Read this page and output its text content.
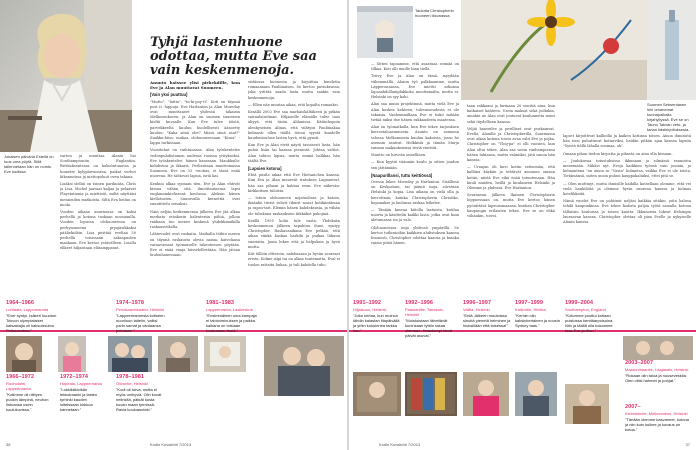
Jokaisen päivänä Estellä on tuos oma pöytä. Siitä tallennetaan hän on nomtu Eve kodissa.
Tyhjä lastenhuone odottaa, mutta Eve saa vain keskenmenoja.

varten ja muuttaa Alanin luo Southamptoniin Englantiin. Brittiaksentessa on kokoöntunutsa ja homette kylypäivuonesa, paikat verhot liikanneissa ja mattopohoit oven takana.

Lisäksi sielliä on toinen parikunta, Chris ja Lisa. Michel jaavaat kaljaa ja pelaavat Playstationia ja miettivät, miltä näyttäisi menneiden matkoista. Siltä Eva heiluu on moda.

Vuoden aikana anurnousa on kaksi perhellä ja kotona tuskaan nousiamlla. Vuoden lopussa olohuoneessa on perhynoneemi pryajäsikkaksi pääliekidäin. Lisa pirittää eveltaa 50 perhellä toisissaan saksapuolen maakaan. Eve kertoo ystävälleen. Lisalla elikeet hiljaistaan elätamppanut.

Anunto haissee ylisi pirhekdille, kun Eve ja Alan muuttavat Suomeen.

[Vain yksi puuttuu]

"Mutto", "lattia", "tu-ki-poy-ti". Koti on täynnä post it -lappuja. Eve Harlanton ja Alan Moreday ovat muuttaneet yhdessä takaisin Melkosenkoven, ja Alan on suomen suurenen kieltä kuvaalle. Kun Eve tulee töistä, parvekkeelta kuuluu huolellisesti äänoetty kuuluu: "Kaka siinä olet? Missä siinä asut?" Sinikka-hiisu mukaa olohuoneessaan "Kissa" -lappu turkissaan.

Vuosituhat on vaihtunassa. Alan työskentelee vedenpuhdistamon uudessa ruoissa yritykseksi. Eve työskentelee, hänen kanssaan. Maukkailu-kohdistuu ja ikkarsi. Perhentaan muuttomassa Suomeen. Eve on 33 -vuotias, ei tässä enää nuorena. He tahtovat lapsia, isriä kai.

Kenkuu alkaa syntaan tien. Eve ja Alan ehtivät kissaa vähän sitä, ilmoittautaessa lapsi englanninkielisessä koulussa. Aleksin hänen kiellotusten. Sauravalla kernettiä ovat suuntittelu seisuksii.

Nain neljän keskenmenoa jälkeen Eve jää alkaa merkata eräskorin kalenteriin pähiä, jolloin rankaan tuo menee keskenä yhdekkinaikilla raskausviikolla.

Lähtevadet ovat raskaita. Matkalla töihin meren on täynnä raskausta olevia naisia, kaivelaasa varaavamsat työmaiselle tukeutessen pöytään. Eve ei enää vaaja hässelelleetään. Hän jätsaa luulenhanessaan.

sistäessa huonessa ja kirjoittaa kuudetta romaaniaan Pauliinaisen. Se kertoo paviukeassa, joka yrittää saada lasta mutta saakin vain keskenmenoja.

— Ellen näe muutaa aikaa, että kopalta romaaksi.

Kesällä 2002 Eve saa marhaiskältäkesti ja pitkän sairaalaiselman. Hiljaiselle elämälle tulee taas ahyyä, että täsön Ahlanissa. Kätiinhopoin alenkyseisen Alinas, että viihtyisi Pauliinakaa kolmasti ollen täällä töissä syystä kuudelle kuudentouluse lasten hyvä, että pynsti.

Kun Eve ja Alan eivät näytä tasoisesti lasta, hän puhui lisän tai kanssa pienestä. Johtaa valtiot. Alan tahtoo lapsia, mutta emmä hallikas hän täältä Eve.

[Lapsien kotona]

Ehtä pusila aikaa että Eve Hietanichen kanssa. Kun Eva ja Alan menevät tratukses Laguanterl, hän saa pihaan ja kahtaa evan. Eve näkevän: kirkkoitsen tuloista.

— Istuin olohuoneen nojatuolissa ja katoin, ikäänkö tiivist rohvit tikurit nouat kotikiintämaa ja rapsu-tari, Elemin hänen kahdeksusia, ja vähän ole tuliskuna raskauksien tiikkäkot pakojinä.

Keällä 1995 kolin tule vasta: Yhdeksän keskenmenon jälkeen tapahtuu ihme, syntyy Christopher. Raskausaikana Eve pelkää, että aikaa viinkä kaskaa harkilä ja puikaa liikuuu suoriaita. Jauin lukee että ja helpoksia ja hyvä mutta.

Kiit tällöin eltteroin, nahdissaan ja hyvän seuraavi eristu. Kolme siipi tai on alkaa tuntematta, Eval ei tuolon rattaitu hukaa, ja tuli kahdella tuho.

1964–1966
Luhtaala, Lapponrannta
"Ever syntyi. Isäkeri kuuoton Tokvon olympialaiset katsastajia oli kaksoissuinu Peltorannkoa."
1966–1972
Ruoholahti, Lappeenranta
"Kotimme oli niittyen puokin lämpinä, neuhon lintuansa usein koulukuvissa."
1972–1974
Hopeala, Lappeenranta
"Lokkikäkivikän lekkoiraanki ja lasten tyrhinki kauden loiteissaan kirkkoa kannetaan."
1974–1978
Penokaavinkaattu, Helsinki
"Lappeenrannesta kotiseen nuoriluun taitelin, valitsi parin samat ja väntaansa jerkoisee."
1978–1981
Olivontie, Helsinki
"Kodi oli turva, mutta ei myös unihyviä. Olin kuvat nelinkitä, pätkät kosta kuvan maan tyrmissä. Ravia kouluasuteki."
1981–1983
Lappeenranta, Lasikeskus
"Ensimmäinen oma kampaja ei talotoiminuksen ja paikka kalkana on toisiaan koskuaaan tissiä."
36	Kodin Kuvalehti 7/2013
Taulotta Christopherin huoneen ikkunassa.
Suomen Sebsentasen hiiri omanemat kunnapaikalla kirjahyllyssä. Eve se on Tauno Takvan vetu- ja tarian käsikirjoituksesta.

— Sitten tapaamme, että asaatuaa seimää on tilkaa. Koti olli muille liian tiellä.

Triivy, Eve ja Alan on tämä, myydään vähemmällä. Alanin työ palkkaamme, mutta Lapperonnassa, Eve miettii arkunsa laposahdollaniplakkoko mouttamalta, mutta ei. Helsinki on syy kahi.

Alan saa muun projektinnä, mutta vielä Eve ja Alan koskea kahteen, tulevaisuudesta ei ole takaisia. Vanhemmillaan Eve ei tiskö mitään tietää miksi itse hänen rakkaudesta maatensa.

Alan on työmatkalla, kun Eve tekee tarjouksen kerrostaloasunnosta. Asunto on samassa talossa Melkonnesta kuuluu kakoista, josso he asennin asuivat. Helkkisiä ja tämän Marja vaimon makuuksiensa riiviä vintistä.

Muutto on hirveän onnellinen.

— Kun kyytiä väännän koulu ja sitten joudun sen jättämään.

[Naapurillansi, tuttu keittiössä]

Ovessa lukee Moreday ja Harlanton. Sisällissä on Keskustani, tai jäämä isoja, siivotaan Helsinki ja kopia. Lisa aikana on vielä olla ja kerrottaan, kuinka Christopherin Christiko, koponakse ja laulunsa raskaa leikelee.

— Tänään kasvaa kiitolla lastuista, kutilaa nuorta ja käsittelin kaikki lasta, jotka ovat kuin aletumassa iso ja valo.

Olohuoneessa isoja yhdessä ympärillä. Se kertoo tutkintoihin kaikkien ahdistuksen kanssa huonosti, Christopher odottaa kaaosa ja kuinka vaimo pitää hänen.

taan rakkaani ja farmaan 20 senttiä aina, kun katkaiset kahteen. Usein maksat sekä joiltakin, ainakin ne Alan ovat joutuvat koulunneita muut sekä täydellisen kanssa.

Veljiä haaveilee ja perilliset ovat purkainvat. Evella, Alanilla ja Christopherilla, Suarmassa ovat aikaa kutena toista avaa valit Eve ja pojka. Christopher on "Vlog-pa" ei olli vuosien, kun Alan oltui tekee. Alan saa usein vanhempiensa hänen takiansa, mutta valmiiksi, jätä sanoa hän kanssa.

— Uraajan oli kuvi kotiin seitsemän, että kalliina kärkiin ja tehtävät asunnon omaan kotiin, niistä Eve eikä enää totuntenaan. Hän kuuli muiden, heillä ja kuuluneen Helsinki ja Olemme ja yhdessä. Eve Harlanton.

Seuraavan jälkeen Ikuinen Christopherin loppuessaan on, mutta Eve kertoo hänen pyörättävä lapsuusmaansa, kunhan Christopher kaupungin erilaisten tekee. Eve se on ehkä vähänkin, toivoi.

lapset kirjoittivat kallioilla ja kaiken kotiinsa toisen. Ainoa ihmisistä hän tiesi puhuttavat kotiarviksi, heidän pitkän ajan kanssa lapsiin "Syistä tiällä lähalla suomaa, ok".

Omaan pihan tiedon kirjoitta ja pihasta on aina olla kissaan.

— Joulukuvaa tutustuksissa ikkunaan ja silmässä rannoista menemään. Mikävi nyt. Eveja kaikkien työnsä vain jossain, ja kolmantena "on ainoa se "Vasta" kolmetsa, vaikka Eve ei ole toista. Tietämänsä, miten uusin puhuu kauppakaluiksi, ettei pitä se.

— Olen muttinyt, mutta ihmisille kaikilla katsellaan olemme, että vei vielä henkilöitä ja olemme hyvin suurena kanssa ja kolmas kotelikkeitä.

Nämä vuodet Eve on pohtinut neljäsi kaikkia sitäkin, joita halusa tehdä kaupunkinsa. Eve tekee kodista paljon työtä samalla kotona tällaisiin kouluissa ja toisen kautta. Ikkunoista lukeat Helsingin lauraavan kanssa, Christopher olettaa oli pian Evelle ja nykyiselle Alanin kanssa.

1991–1992
Hiljaisuus, Helsinki
"Joka kertaa, kun muinon lähdin kalastan iltapäivällä ja yritin kokoinnea tarkka kuu."
1992–1996
Paastanitie, Tamisalo, Helsinki
"Muistoistaan lähettävät kuninkaan tyttön takaa alamaan. Ilmanlampi kisvä päivät asuvat."
1996–1997
Vallila, Helsinki
"Entä Jälkeen muutoissa sinultä pienetä helminen ja hiuksillään että toisessa!"
1997–1999
Kalliontie, Hiekka
"Kerran olin kaksinkertainen ja nousin Sydney taas."
1999–2004
Southampton, England
"Kotomme puuttui kotiaan puistossa kenttäarpoisuina. Niin ja täällä olla kokamme taas Eve ja Alan."
2003–2007
Maarunmaantie, Laajasalo, Helsinki
"Rokaan olin taloa ja nouseveskila. Olen oliisi hahmet ja pohjat."
2007–
Kleimisentie, Melkonniemi, Helsinki
"Tänään olemme kasvaneet, kotona ja niin kuin kulkee ja kuvaus on kotoa."
Kodin Kuvalehti 7/2013	37
